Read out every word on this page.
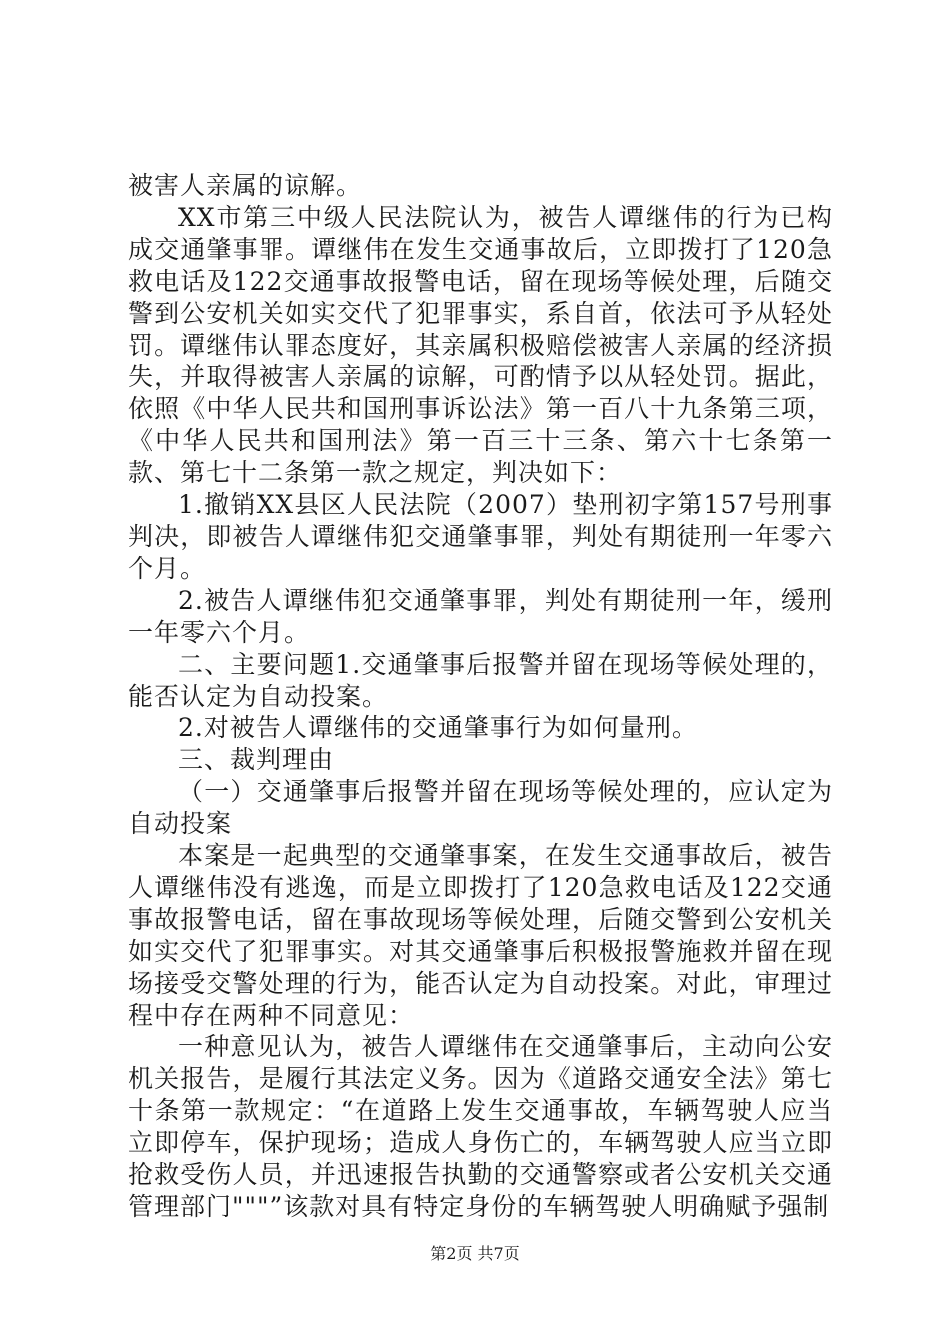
被害人亲属的谅解。

XX市第三中级人民法院认为，被告人谭继伟的行为已构成交通肇事罪。谭继伟在发生交通事故后，立即拨打了120急救电话及122交通事故报警电话，留在现场等候处理，后随交警到公安机关如实交代了犯罪事实，系自首，依法可予从轻处罚。谭继伟认罪态度好，其亲属积极赔偿被害人亲属的经济损失，并取得被害人亲属的谅解，可酌情予以从轻处罚。据此，依照《中华人民共和国刑事诉讼法》第一百八十九条第三项，《中华人民共和国刑法》第一百三十三条、第六十七条第一款、第七十二条第一款之规定，判决如下：

1.撤销XX县区人民法院（2007）垫刑初字第157号刑事判决，即被告人谭继伟犯交通肇事罪，判处有期徒刑一年零六个月。

2.被告人谭继伟犯交通肇事罪，判处有期徒刑一年，缓刑一年零六个月。

二、主要问题1.交通肇事后报警并留在现场等候处理的，能否认定为自动投案。

2.对被告人谭继伟的交通肇事行为如何量刑。

三、裁判理由

（一）交通肇事后报警并留在现场等候处理的，应认定为自动投案

本案是一起典型的交通肇事案，在发生交通事故后，被告人谭继伟没有逃逸，而是立即拨打了120急救电话及122交通事故报警电话，留在事故现场等候处理，后随交警到公安机关如实交代了犯罪事实。对其交通肇事后积极报警施救并留在现场接受交警处理的行为，能否认定为自动投案。对此，审理过程中存在两种不同意见：

一种意见认为，被告人谭继伟在交通肇事后，主动向公安机关报告，是履行其法定义务。因为《道路交通安全法》第七十条第一款规定：“在道路上发生交通事故，车辆驾驶人应当立即停车，保护现场；造成人身伤亡的，车辆驾驶人应当立即抢救受伤人员，并迅速报告执勤的交通警察或者公安机关交通管理部门"""”该款对具有特定身份的车辆驾驶人明确赋予强制

第2页 共7页
